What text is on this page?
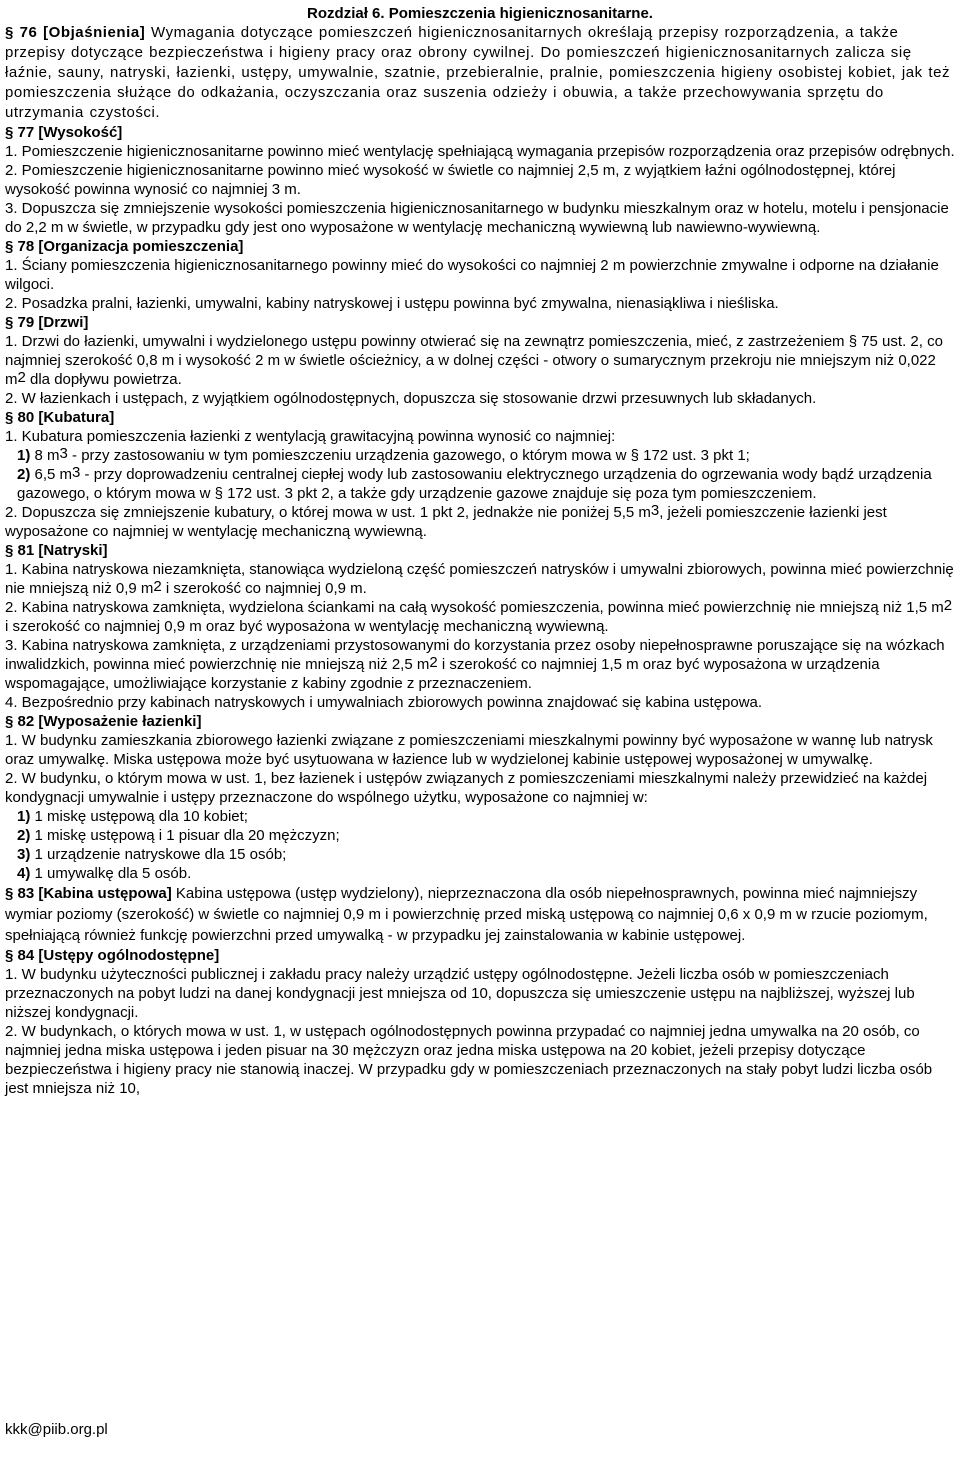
Rozdział 6. Pomieszczenia higienicznosanitarne.

§ 76 [Objaśnienia] Wymagania dotyczące pomieszczeń higienicznosanitarnych określają przepisy rozporządzenia, a także przepisy dotyczące bezpieczeństwa i higieny pracy oraz obrony cywilnej. Do pomieszczeń higienicznosanitarnych zalicza się łaźnie, sauny, natryski, łazienki, ustępy, umywalnie, szatnie, przebieralnie, pralnie, pomieszczenia higieny osobistej kobiet, jak też pomieszczenia służące do odkażania, oczyszczania oraz suszenia odzieży i obuwia, a także przechowywania sprzętu do utrzymania czystości.

§ 77 [Wysokość]

1. Pomieszczenie higienicznosanitarne powinno mieć wentylację spełniającą wymagania przepisów rozporządzenia oraz przepisów odrębnych.

2. Pomieszczenie higienicznosanitarne powinno mieć wysokość w świetle co najmniej 2,5 m, z wyjątkiem łaźni ogólnodostępnej, której wysokość powinna wynosić co najmniej 3 m.

3. Dopuszcza się zmniejszenie wysokości pomieszczenia higienicznosanitarnego w budynku mieszkalnym oraz w hotelu, motelu i pensjonacie do 2,2 m w świetle, w przypadku gdy jest ono wyposażone w wentylację mechaniczną wywiewną lub nawiewno-wywiewną.

§ 78 [Organizacja pomieszczenia]

1. Ściany pomieszczenia higienicznosanitarnego powinny mieć do wysokości co najmniej 2 m powierzchnie zmywalne i odporne na działanie wilgoci.

2. Posadzka pralni, łazienki, umywalni, kabiny natryskowej i ustępu powinna być zmywalna, nienasiąkliwa i nieśliska.

§ 79 [Drzwi]

1. Drzwi do łazienki, umywalni i wydzielonego ustępu powinny otwierać się na zewnątrz pomieszczenia, mieć, z zastrzeżeniem § 75 ust. 2, co najmniej szerokość 0,8 m i wysokość 2 m w świetle ościeżnicy, a w dolnej części - otwory o sumarycznym przekroju nie mniejszym niż 0,022 $m^2$ dla dopływu powietrza.

2. W łazienkach i ustępach, z wyjątkiem ogólnodostępnych, dopuszcza się stosowanie drzwi przesuwnych lub składanych.

§ 80 [Kubatura]

1. Kubatura pomieszczenia łazienki z wentylacją grawitacyjną powinna wynosić co najmniej:

1) 8 $m^3$ - przy zastosowaniu w tym pomieszczeniu urządzenia gazowego, o którym mowa w § 172 ust. 3 pkt 1;

2) 6,5 $m^3$ - przy doprowadzeniu centralnej ciepłej wody lub zastosowaniu elektrycznego urządzenia do ogrzewania wody bądź urządzenia gazowego, o którym mowa w § 172 ust. 3 pkt 2, a także gdy urządzenie gazowe znajduje się poza tym pomieszczeniem.

2. Dopuszcza się zmniejszenie kubatury, o której mowa w ust. 1 pkt 2, jednakże nie poniżej 5,5 $m^3$, jeżeli pomieszczenie łazienki jest wyposażone co najmniej w wentylację mechaniczną wywiewną.

§ 81 [Natryski]

1. Kabina natryskowa niezamknięta, stanowiąca wydzieloną część pomieszczeń natrysków i umywalni zbiorowych, powinna mieć powierzchnię nie mniejszą niż 0,9 $m^2$ i szerokość co najmniej 0,9 m.

2. Kabina natryskowa zamknięta, wydzielona ściankami na całą wysokość pomieszczenia, powinna mieć powierzchnię nie mniejszą niż 1,5 $m^2$ i szerokość co najmniej 0,9 m oraz być wyposażona w wentylację mechaniczną wywiewną.

3. Kabina natryskowa zamknięta, z urządzeniami przystosowanymi do korzystania przez osoby niepełnosprawne poruszające się na wózkach inwalidzkich, powinna mieć powierzchnię nie mniejszą niż 2,5 $m^2$ i szerokość co najmniej 1,5 m oraz być wyposażona w urządzenia wspomagające, umożliwiające korzystanie z kabiny zgodnie z przeznaczeniem.

4. Bezpośrednio przy kabinach natryskowych i umywalniach zbiorowych powinna znajdować się kabina ustępowa.

§ 82 [Wyposażenie łazienki]

1. W budynku zamieszkania zbiorowego łazienki związane z pomieszczeniami mieszkalnymi powinny być wyposażone w wannę lub natrysk oraz umywalkę. Miska ustępowa może być usytuowana w łazience lub w wydzielonej kabinie ustępowej wyposażonej w umywalkę.

2. W budynku, o którym mowa w ust. 1, bez łazienek i ustępów związanych z pomieszczeniami mieszkalnymi należy przewidzieć na każdej kondygnacji umywalnie i ustępy przeznaczone do wspólnego użytku, wyposażone co najmniej w:

1) 1 miskę ustępową dla 10 kobiet;

2) 1 miskę ustępową i 1 pisuar dla 20 mężczyzn;

3) 1 urządzenie natryskowe dla 15 osób;

4) 1 umywalkę dla 5 osób.

§ 83 [Kabina ustępowa] Kabina ustępowa (ustęp wydzielony), nieprzeznaczona dla osób niepełnosprawnych, powinna mieć najmniejszy wymiar poziomy (szerokość) w świetle co najmniej 0,9 m i powierzchnię przed miską ustępową co najmniej 0,6 x 0,9 m w rzucie poziomym, spełniającą również funkcję powierzchni przed umywalką - w przypadku jej zainstalowania w kabinie ustępowej.

§ 84 [Ustępy ogólnodostępne]

1. W budynku użyteczności publicznej i zakładu pracy należy urządzić ustępy ogólnodostępne. Jeżeli liczba osób w pomieszczeniach przeznaczonych na pobyt ludzi na danej kondygnacji jest mniejsza od 10, dopuszcza się umieszczenie ustępu na najbliższej, wyższej lub niższej kondygnacji.

2. W budynkach, o których mowa w ust. 1, w ustępach ogólnodostępnych powinna przypadać co najmniej jedna umywalka na 20 osób, co najmniej jedna miska ustępowa i jeden pisuar na 30 mężczyzn oraz jedna miska ustępowa na 20 kobiet, jeżeli przepisy dotyczące bezpieczeństwa i higieny pracy nie stanowią inaczej. W przypadku gdy w pomieszczeniach przeznaczonych na stały pobyt ludzi liczba osób jest mniejsza niż 10,

kkk@piib.org.pl
